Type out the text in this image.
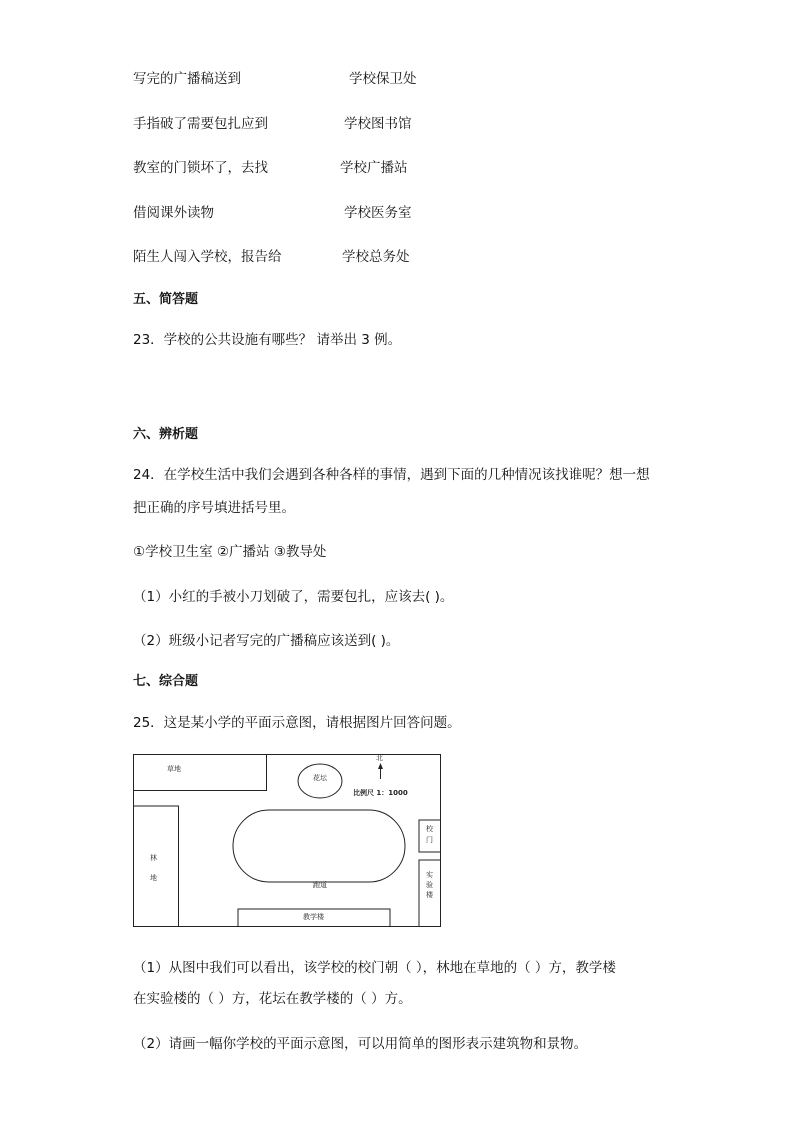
写完的广播稿送到	学校保卫处
手指破了需要包扎应到	学校图书馆
教室的门锁坏了，去找	学校广播站
借阅课外读物	学校医务室
陌生人闯入学校，报告给	学校总务处
五、简答题
23．学校的公共设施有哪些？ 请举出 3 例。
六、辨析题
24．在学校生活中我们会遇到各种各样的事情，遇到下面的几种情况该找谁呢？想一想
把正确的序号填进括号里。
①学校卫生室 ②广播站 ③教导处
（1）小红的手被小刀划破了，需要包扎，应该去( )。
（2）班级小记者写完的广播稿应该送到( )。
七、综合题
25．这是某小学的平面示意图，请根据图片回答问题。
草地
花坛
北
比例尺 1：1000
林
地
跑道
校
门
实
验
楼
教学楼
（1）从图中我们可以看出，该学校的校门朝（ ），林地在草地的（ ）方，教学楼
在实验楼的（ ）方，花坛在教学楼的（ ）方。
（2）请画一幅你学校的平面示意图，可以用简单的图形表示建筑物和景物。
